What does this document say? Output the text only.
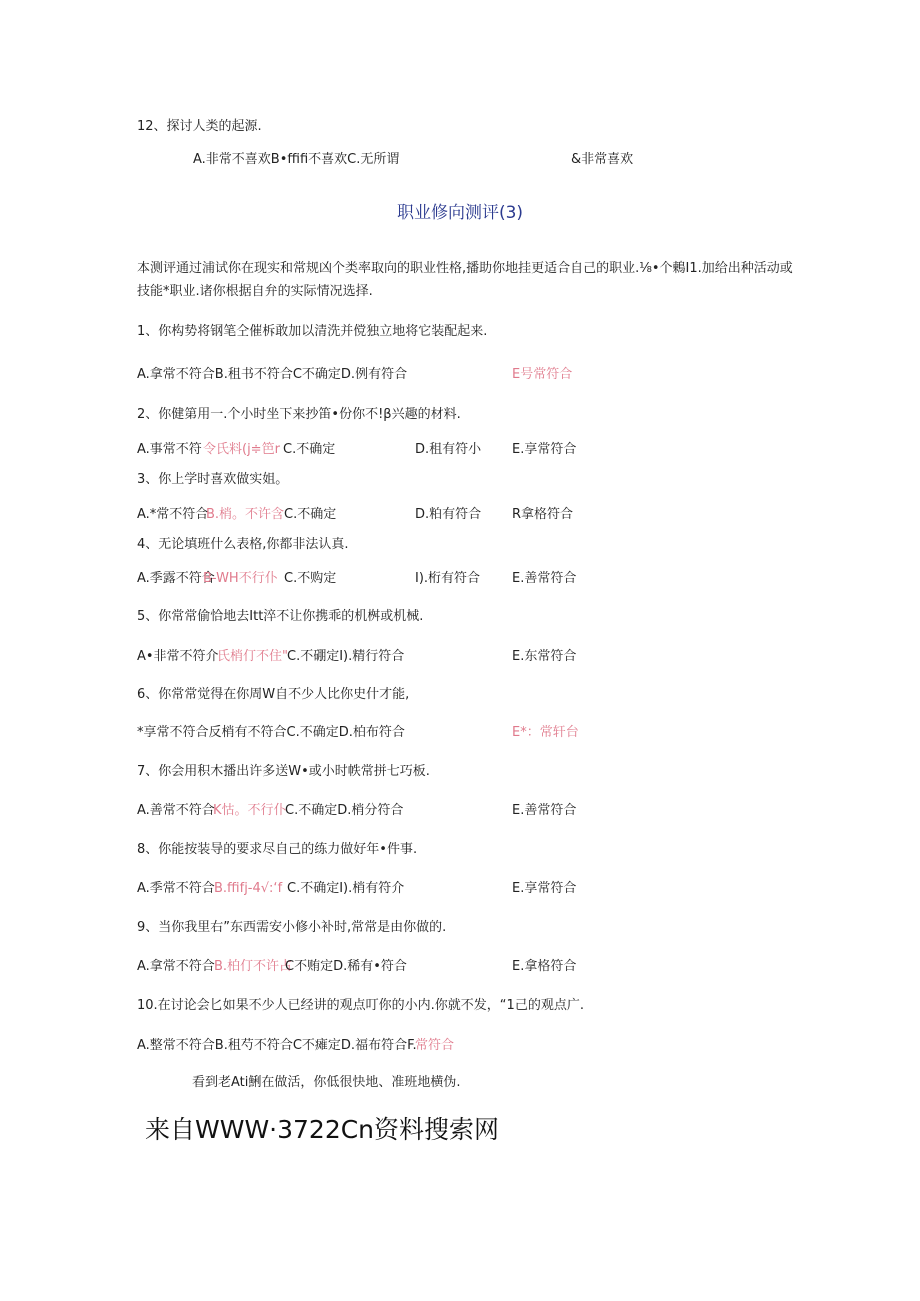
12、探讨人类的起源.
A.非常不喜欢B•ffifi不喜欢C.无所谓	&非常喜欢
职业修向测评(3)
本测评通过浦试你在现实和常规凶个类率取向的职业性格,播助你地挂更适合自己的职业.⅛•个鶇I1.加给出种活动或技能*职业.诸你根据自弁的实际情况选择.
1、你构势将钢笔仝催柝敢加以清洗并傥独立地将它装配起来.
A.拿常不符合B.租书不符合C不确定D.例有符合	E号常符合
2、你健第用一.个小时坐下来抄笛•份你不!β兴趣的材料.
A.事常不符 令氏料(j≑笆r C.不确定	D.租有符小 E.享常符合
3、你上学时喜欢做实姐。
A.*常不符合
B.梢。不许含 C.不确定	D.粕有符合 R拿格符合
4、无论填班什么表格,你都非法认真.
A.季露不符合
B-WH不行仆 C.不购定	I).桁有符合 E.善常符合
5、你常常偷恰地去Itt淬不让你携乖的机桝或机械.
A•非常不符介
氏梢仃不住" C.不硼定I).精行符合	E.东常符合
6、你常常觉得在你周W自不少人比你史什才能,
*享常不符合反梢有不符合C.不确定D.柏布符合	E*：常轩台
7、你会用积木播出许多送W•或小时帙常拼七巧板.
A.善常不符合
K怙。不行仆
C.不确定D.梢分符合	E.善常符合
8、你能按装导的要求尽自己的练力做好年•件事.
A.季常不符合 B.ffifj-4√:‘f C.不确定I).梢有符介	E.享常符合
9、当你我里右”东西需安小修小补时,常常是由你做的.
A.拿常不符合 B.柏仃不许占
C不贿定D.稀有•符合	E.拿格符合
10.在讨论会匕如果不少人已经讲的观点叮你的小内.你就不发，“1己的观点广.
A.整常不符合B.租芍不符合C不瘫定D.福布符合F.
常符合
看到老Ati鯏在做活，你低很快地、准班地横伪.
来自WWW·3722Cn资料搜索网
